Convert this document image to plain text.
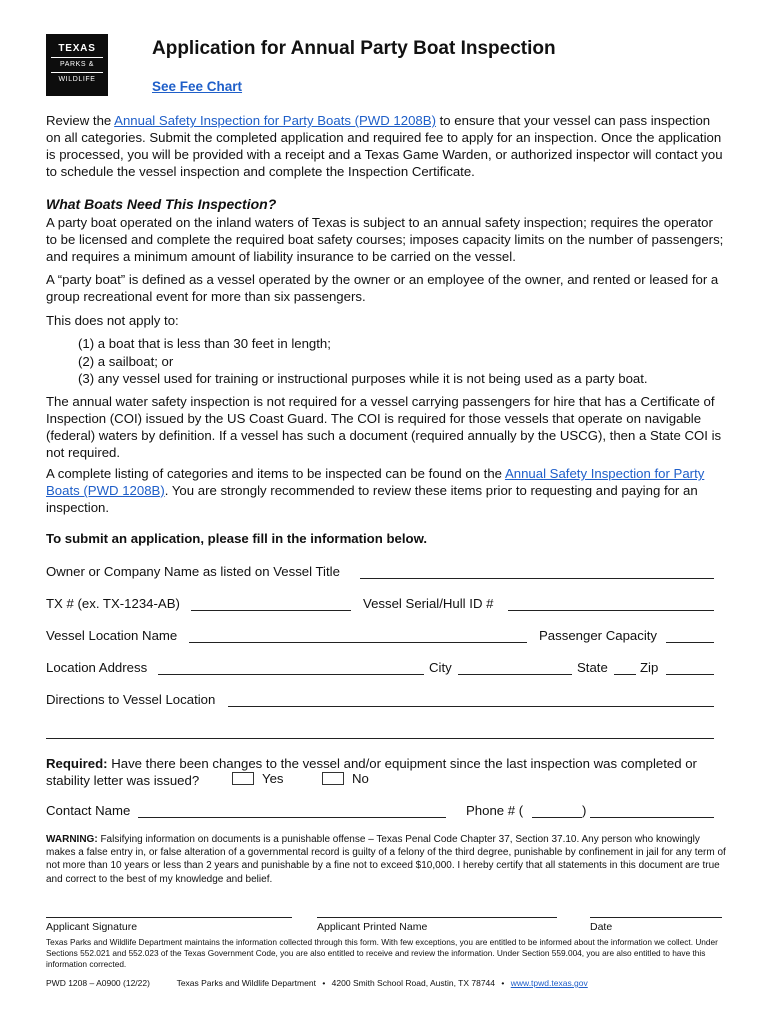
TEXAS
PARKS &
WILDLIFE
Application for Annual Party Boat Inspection
See Fee Chart

Review the Annual Safety Inspection for Party Boats (PWD 1208B) to ensure that your vessel can pass inspection on all categories. Submit the completed application and required fee to apply for an inspection. Once the application is processed, you will be provided with a receipt and a Texas Game Warden, or authorized inspector will contact you to schedule the vessel inspection and complete the Inspection Certificate.

What Boats Need This Inspection?

A party boat operated on the inland waters of Texas is subject to an annual safety inspection; requires the operator to be licensed and complete the required boat safety courses; imposes capacity limits on the number of passengers; and requires a minimum amount of liability insurance to be carried on the vessel.

A “party boat” is defined as a vessel operated by the owner or an employee of the owner, and rented or leased for a group recreational event for more than six passengers.

This does not apply to:

(1) a boat that is less than 30 feet in length;
(2) a sailboat; or
(3) any vessel used for training or instructional purposes while it is not being used as a party boat.

The annual water safety inspection is not required for a vessel carrying passengers for hire that has a Certificate of Inspection (COI) issued by the US Coast Guard. The COI is required for those vessels that operate on navigable (federal) waters by definition. If a vessel has such a document (required annually by the USCG), then a State COI is not required.

A complete listing of categories and items to be inspected can be found on the Annual Safety Inspection for Party Boats (PWD 1208B). You are strongly recommended to review these items prior to requesting and paying for an inspection.

To submit an application, please fill in the information below.
Owner or Company Name as listed on Vessel Title
TX # (ex. TX-1234-AB)	Vessel Serial/Hull ID #
Vessel Location Name	Passenger Capacity
Location Address	City	State Zip
Directions to Vessel Location
Required: Have there been changes to the vessel and/or equipment since the last inspection was completed or stability letter was issued?	Yes	No
Contact Name	Phone # (	)
WARNING: Falsifying information on documents is a punishable offense – Texas Penal Code Chapter 37, Section 37.10. Any person who knowingly makes a false entry in, or false alteration of a governmental record is guilty of a felony of the third degree, punishable by confinement in jail for any term of not more than 10 years or less than 2 years and punishable by a fine not to exceed $10,000. I hereby certify that all statements in this document are true and correct to the best of my knowledge and belief.
Applicant Signature	Applicant Printed Name	Date
Texas Parks and Wildlife Department maintains the information collected through this form. With few exceptions, you are entitled to be informed about the information we collect. Under Sections 552.021 and 552.023 of the Texas Government Code, you are also entitled to receive and review the information. Under Section 559.004, you are also entitled to have this information corrected.
PWD 1208 – A0900 (12/22)	Texas Parks and Wildlife Department • 4200 Smith School Road, Austin, TX 78744 • www.tpwd.texas.gov
